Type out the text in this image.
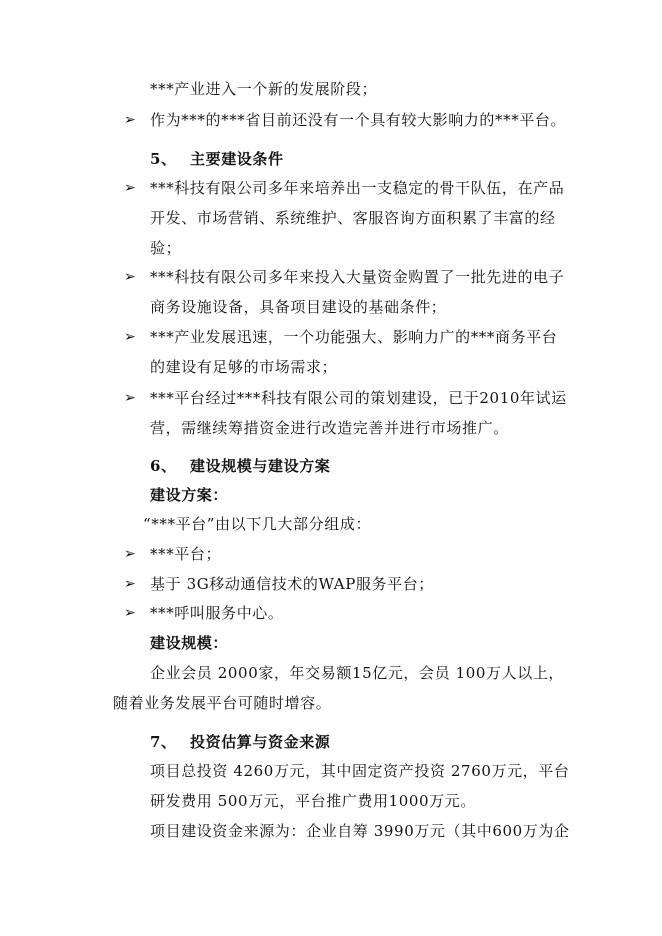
***产业进入一个新的发展阶段；
➢ 作为***的***省目前还没有一个具有较大影响力的***平台。
5、 主要建设条件
➢ ***科技有限公司多年来培养出一支稳定的骨干队伍，在产品
开发、市场营销、系统维护、客服咨询方面积累了丰富的经
验；
➢ ***科技有限公司多年来投入大量资金购置了一批先进的电子
商务设施设备，具备项目建设的基础条件；
➢ ***产业发展迅速，一个功能强大、影响力广的***商务平台
的建设有足够的市场需求；
➢ ***平台经过***科技有限公司的策划建设，已于2010年试运
营，需继续筹措资金进行改造完善并进行市场推广。
6、 建设规模与建设方案
建设方案：
“***平台”由以下几大部分组成：
➢ ***平台；
➢ 基于 3G移动通信技术的WAP服务平台；
➢ ***呼叫服务中心。
建设规模：
企业会员 2000家，年交易额15亿元，会员 100万人以上，
随着业务发展平台可随时增容。
7、 投资估算与资金来源
项目总投资 4260万元，其中固定资产投资 2760万元，平台
研发费用 500万元，平台推广费用1000万元。
项目建设资金来源为：企业自筹 3990万元（其中600万为企
